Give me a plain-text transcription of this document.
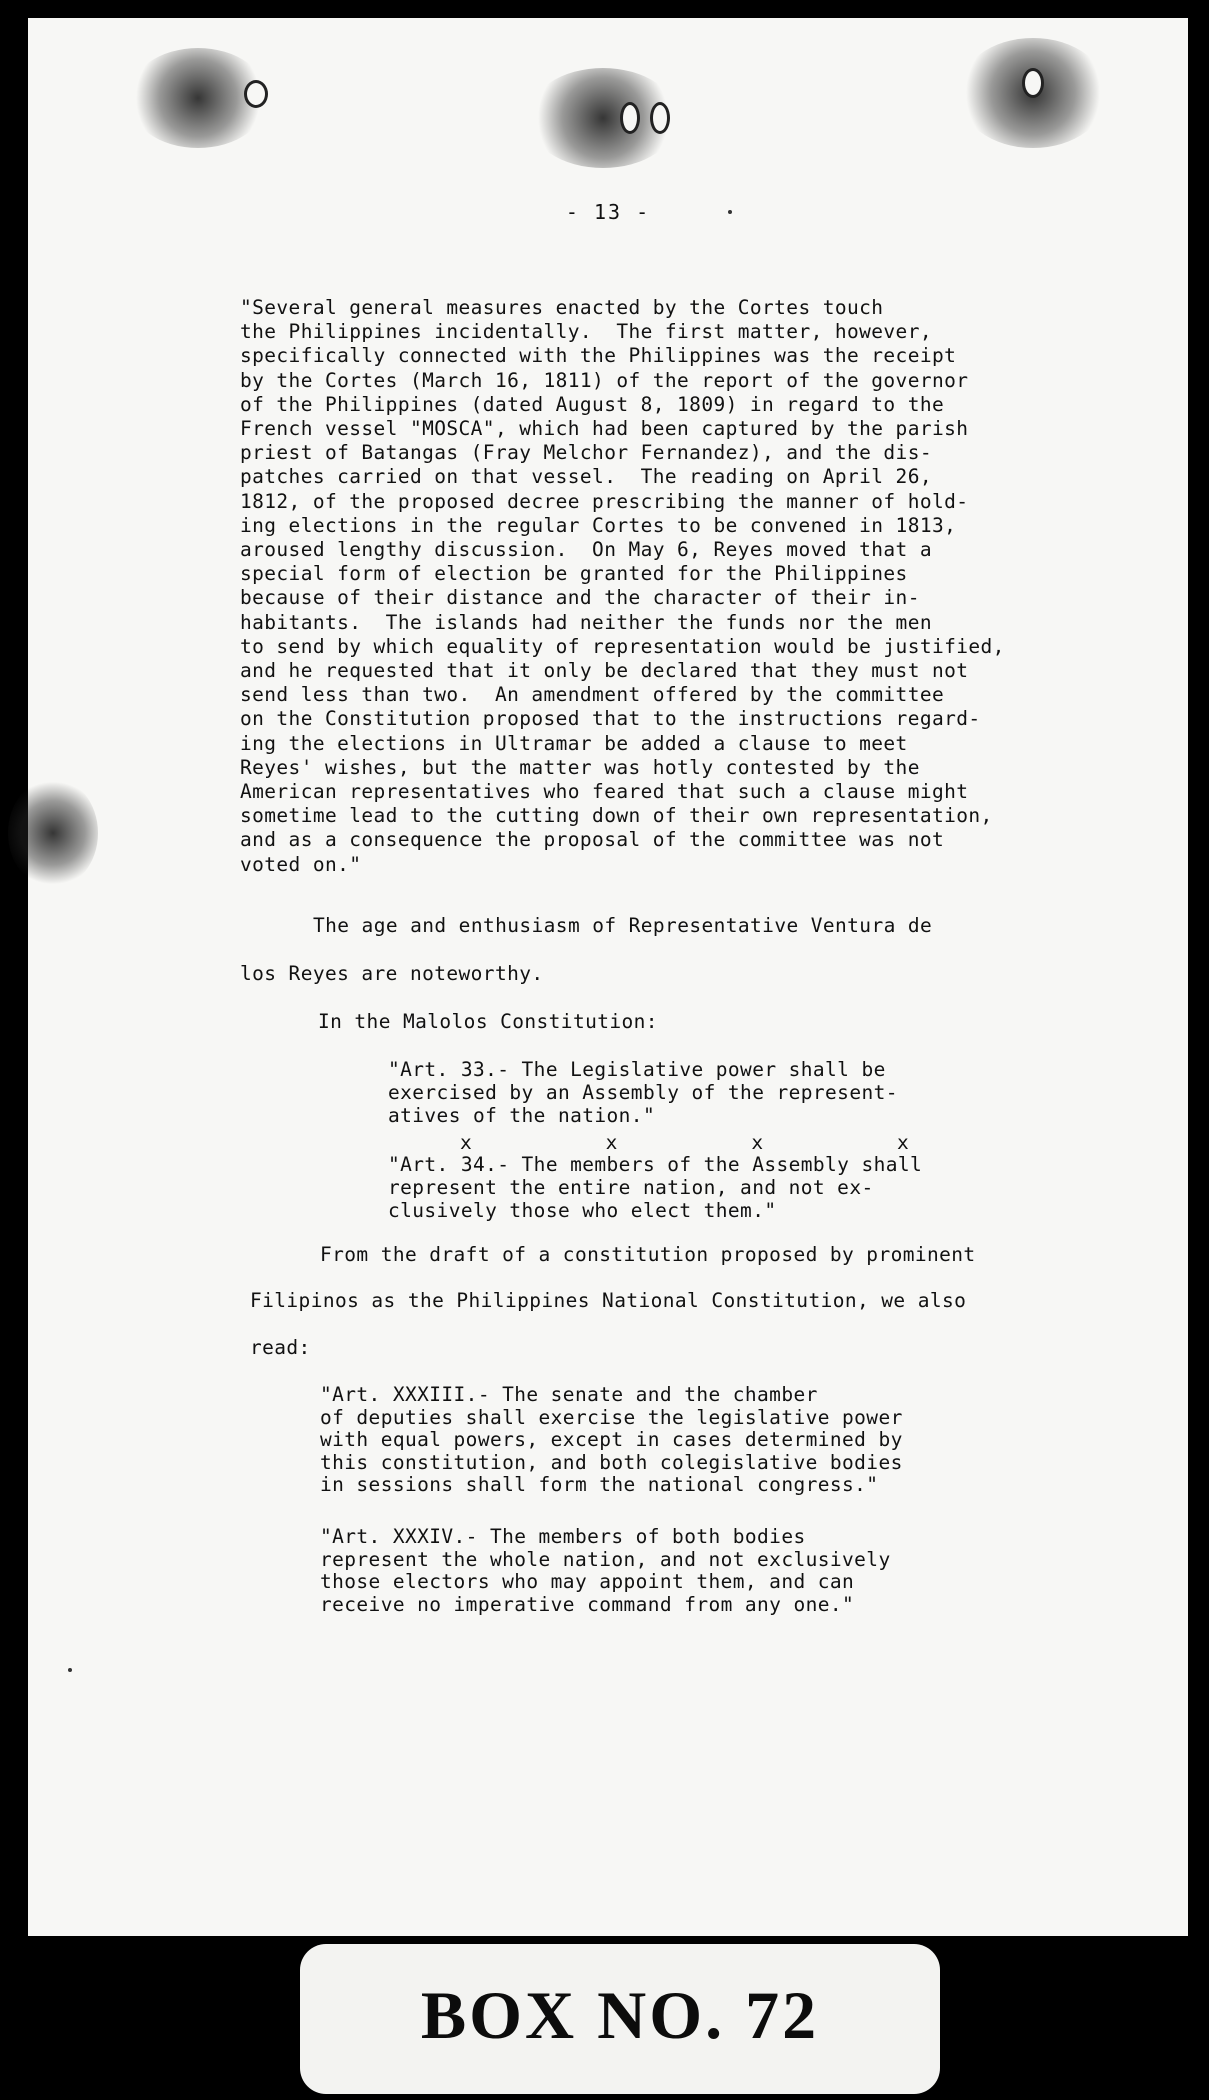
- 13 -
"Several general measures enacted by the Cortes touch
the Philippines incidentally.  The first matter, however,
specifically connected with the Philippines was the receipt
by the Cortes (March 16, 1811) of the report of the governor
of the Philippines (dated August 8, 1809) in regard to the
French vessel "MOSCA", which had been captured by the parish
priest of Batangas (Fray Melchor Fernandez), and the dis-
patches carried on that vessel.  The reading on April 26,
1812, of the proposed decree prescribing the manner of hold-
ing elections in the regular Cortes to be convened in 1813,
aroused lengthy discussion.  On May 6, Reyes moved that a
special form of election be granted for the Philippines
because of their distance and the character of their in-
habitants.  The islands had neither the funds nor the men
to send by which equality of representation would be justified,
and he requested that it only be declared that they must not
send less than two.  An amendment offered by the committee
on the Constitution proposed that to the instructions regard-
ing the elections in Ultramar be added a clause to meet
Reyes' wishes, but the matter was hotly contested by the
American representatives who feared that such a clause might
sometime lead to the cutting down of their own representation,
and as a consequence the proposal of the committee was not
voted on."
The age and enthusiasm of Representative Ventura de
los Reyes are noteworthy.
In the Malolos Constitution:
"Art. 33.- The Legislative power shall be
exercised by an Assembly of the represent-
atives of the nation."
x           x           x           x
"Art. 34.- The members of the Assembly shall
represent the entire nation, and not ex-
clusively those who elect them."
From the draft of a constitution proposed by prominent
Filipinos as the Philippines National Constitution, we also
read:
"Art. XXXIII.- The senate and the chamber
of deputies shall exercise the legislative power
with equal powers, except in cases determined by
this constitution, and both colegislative bodies
in sessions shall form the national congress."
"Art. XXXIV.- The members of both bodies
represent the whole nation, and not exclusively
those electors who may appoint them, and can
receive no imperative command from any one."
BOX NO. 72
